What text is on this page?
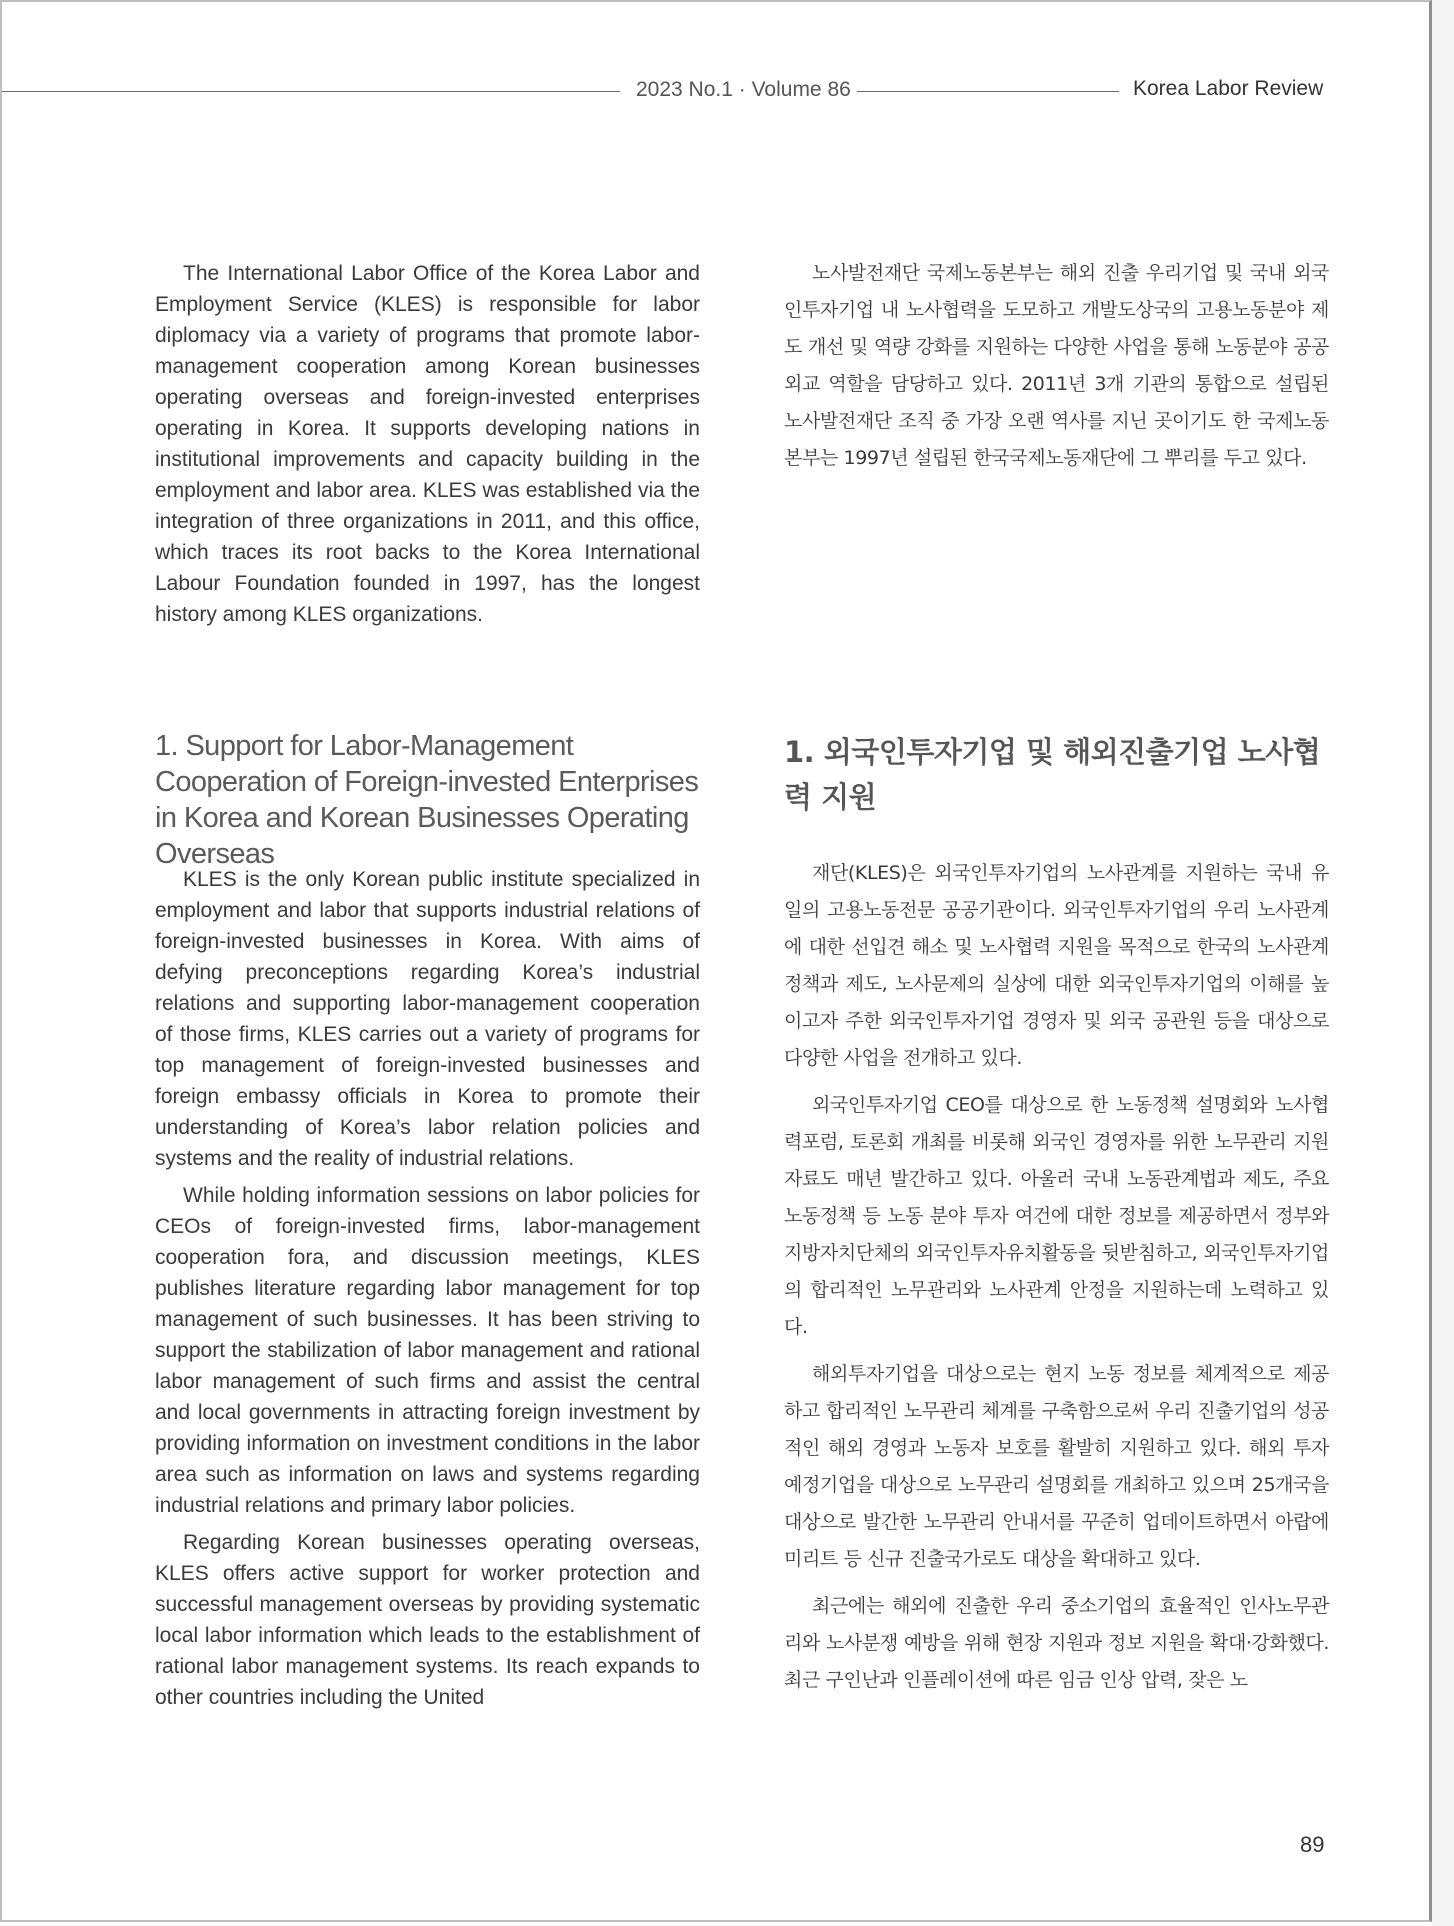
2023 No.1 · Volume 86	Korea Labor Review

The International Labor Office of the Korea Labor and Employment Service (KLES) is responsible for labor diplomacy via a variety of programs that promote labor-management cooperation among Korean businesses operating overseas and foreign-invested enterprises operating in Korea. It supports developing nations in institutional improvements and capacity building in the employment and labor area. KLES was established via the integration of three organizations in 2011, and this office, which traces its root backs to the Korea International Labour Foundation founded in 1997, has the longest history among KLES organizations.

노사발전재단 국제노동본부는 해외 진출 우리기업 및 국내 외국인투자기업 내 노사협력을 도모하고 개발도상국의 고용노동분야 제도 개선 및 역량 강화를 지원하는 다양한 사업을 통해 노동분야 공공외교 역할을 담당하고 있다. 2011년 3개 기관의 통합으로 설립된 노사발전재단 조직 중 가장 오랜 역사를 지닌 곳이기도 한 국제노동본부는 1997년 설립된 한국국제노동재단에 그 뿌리를 두고 있다.

1. Support for Labor-Management Cooperation of Foreign-invested Enterprises in Korea and Korean Businesses Operating Overseas
1. 외국인투자기업 및 해외진출기업 노사협력 지원

KLES is the only Korean public institute specialized in employment and labor that supports industrial relations of foreign-invested businesses in Korea. With aims of defying preconceptions regarding Korea’s industrial relations and supporting labor-management cooperation of those firms, KLES carries out a variety of programs for top management of foreign-invested businesses and foreign embassy officials in Korea to promote their understanding of Korea’s labor relation policies and systems and the reality of industrial relations.

While holding information sessions on labor policies for CEOs of foreign-invested firms, labor-management cooperation fora, and discussion meetings, KLES publishes literature regarding labor management for top management of such businesses. It has been striving to support the stabilization of labor management and rational labor management of such firms and assist the central and local governments in attracting foreign investment by providing information on investment conditions in the labor area such as information on laws and systems regarding industrial relations and primary labor policies.

Regarding Korean businesses operating overseas, KLES offers active support for worker protection and successful management overseas by providing systematic local labor information which leads to the establishment of rational labor management systems. Its reach expands to other countries including the United

재단(KLES)은 외국인투자기업의 노사관계를 지원하는 국내 유일의 고용노동전문 공공기관이다. 외국인투자기업의 우리 노사관계에 대한 선입견 해소 및 노사협력 지원을 목적으로 한국의 노사관계 정책과 제도, 노사문제의 실상에 대한 외국인투자기업의 이해를 높이고자 주한 외국인투자기업 경영자 및 외국 공관원 등을 대상으로 다양한 사업을 전개하고 있다.

외국인투자기업 CEO를 대상으로 한 노동정책 설명회와 노사협력포럼, 토론회 개최를 비롯해 외국인 경영자를 위한 노무관리 지원자료도 매년 발간하고 있다. 아울러 국내 노동관계법과 제도, 주요 노동정책 등 노동 분야 투자 여건에 대한 정보를 제공하면서 정부와 지방자치단체의 외국인투자유치활동을 뒷받침하고, 외국인투자기업의 합리적인 노무관리와 노사관계 안정을 지원하는데 노력하고 있다.

해외투자기업을 대상으로는 현지 노동 정보를 체계적으로 제공하고 합리적인 노무관리 체계를 구축함으로써 우리 진출기업의 성공적인 해외 경영과 노동자 보호를 활발히 지원하고 있다. 해외 투자 예정기업을 대상으로 노무관리 설명회를 개최하고 있으며 25개국을 대상으로 발간한 노무관리 안내서를 꾸준히 업데이트하면서 아랍에미리트 등 신규 진출국가로도 대상을 확대하고 있다.

최근에는 해외에 진출한 우리 중소기업의 효율적인 인사노무관리와 노사분쟁 예방을 위해 현장 지원과 정보 지원을 확대·강화했다. 최근 구인난과 인플레이션에 따른 임금 인상 압력, 잦은 노

89
